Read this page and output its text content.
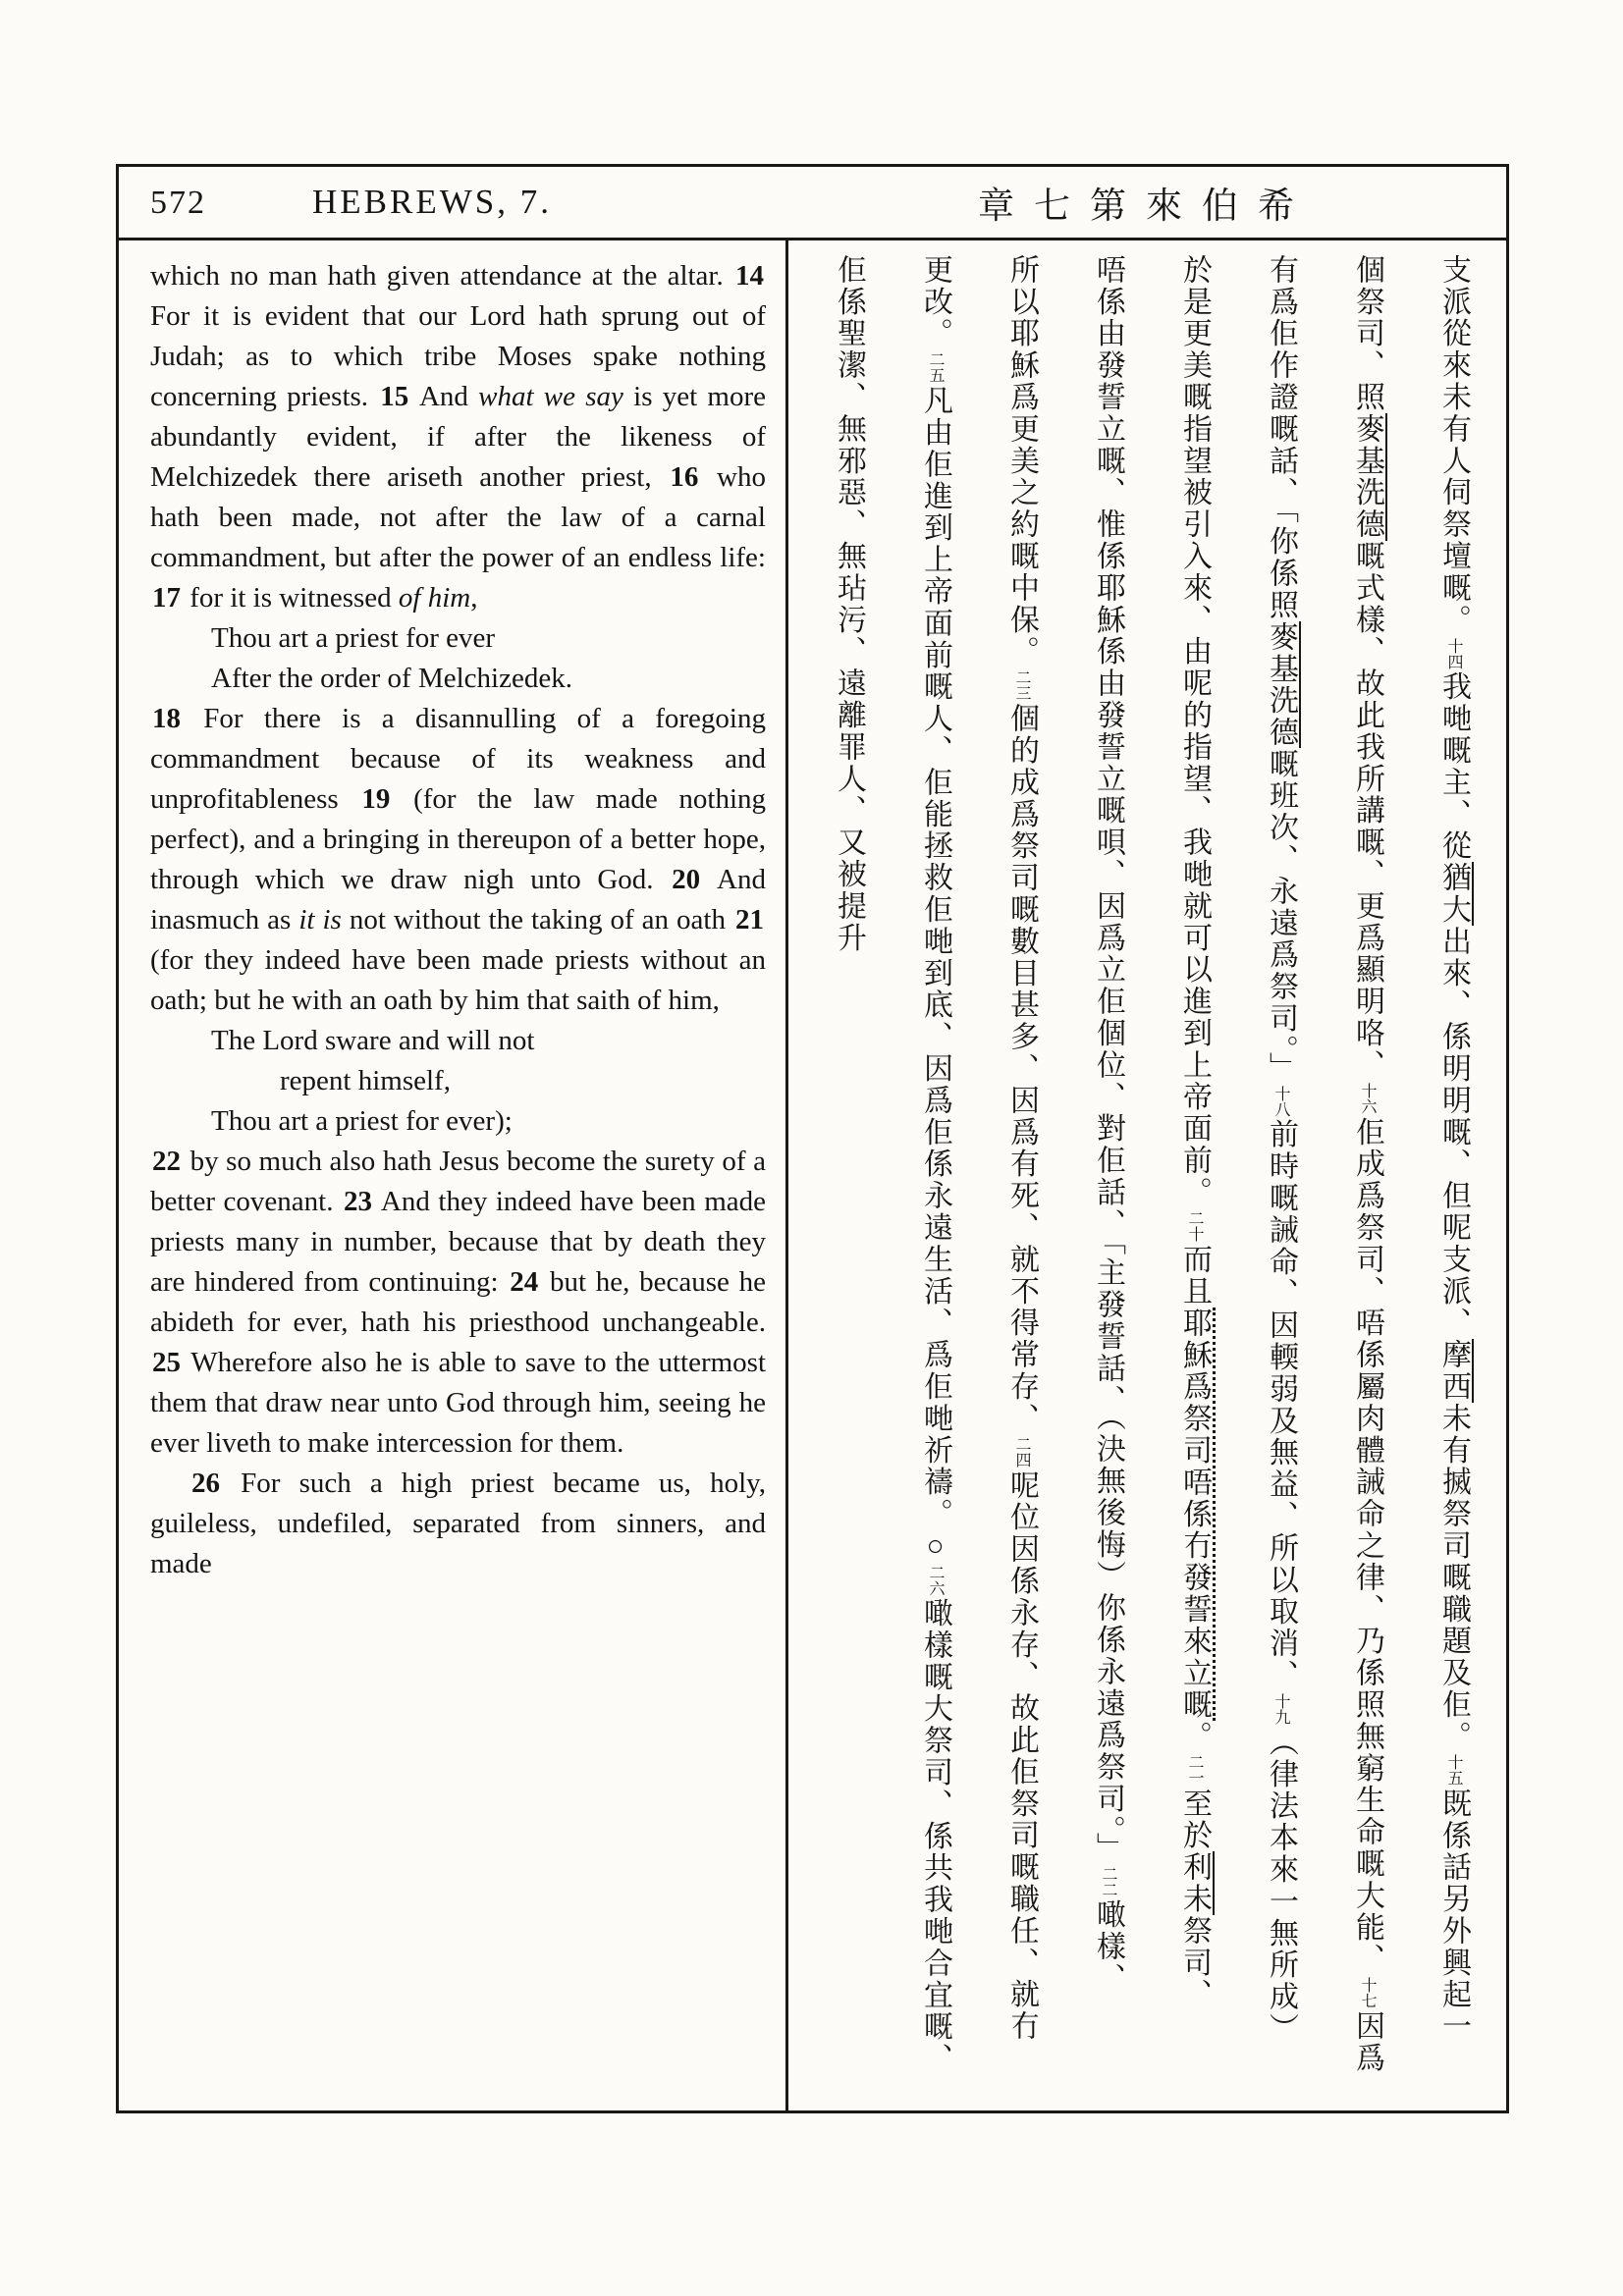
572	HEBREWS, 7.	章七第來伯希
which no man hath given attendance at the altar. 14 For it is evident that our Lord hath sprung out of Judah; as to which tribe Moses spake nothing concerning priests. 15 And what we say is yet more abundantly evident, if after the likeness of Melchizedek there ariseth another priest, 16 who hath been made, not after the law of a carnal commandment, but after the power of an endless life: 17 for it is witnessed of him,
Thou art a priest for ever
After the order of Melchizedek.
18 For there is a disannulling of a foregoing commandment because of its weakness and unprofitableness 19 (for the law made nothing perfect), and a bringing in thereupon of a better hope, through which we draw nigh unto God. 20 And inasmuch as it is not without the taking of an oath 21 (for they indeed have been made priests without an oath; but he with an oath by him that saith of him,
The Lord sware and will not
repent himself,
Thou art a priest for ever);
22 by so much also hath Jesus become the surety of a better covenant. 23 And they indeed have been made priests many in number, because that by death they are hindered from continuing: 24 but he, because he abideth for ever, hath his priesthood unchangeable. 25 Wherefore also he is able to save to the uttermost them that draw near unto God through him, seeing he ever liveth to make intercession for them.
26 For such a high priest became us, holy, guileless, undefiled, separated from sinners, and made
支派從來未有人伺祭壇嘅。十四我哋嘅主、從猶大出來、係明明嘅、但呢支派、摩西未有搣祭司嘅職題及佢。十五既係話另外興起一
個祭司、照麥基洗德嘅式樣、故此我所講嘅、更爲顯明咯、十六佢成爲祭司、唔係屬肉體誡命之律、乃係照無窮生命嘅大能、十七因爲
有爲佢作證嘅話、「你係照麥基洗德嘅班次、永遠爲祭司。」十八前時嘅誡命、因輭弱及無益、所以取消、十九（律法本來一無所成）
於是更美嘅指望被引入來、由呢的指望、我哋就可以進到上帝面前。二十而且耶穌爲祭司唔係冇發誓來立嘅。二一至於利未祭司、
唔係由發誓立嘅、惟係耶穌係由發誓立嘅唄、因爲立佢個位、對佢話、「主發誓話、（決無後悔）你係永遠爲祭司。」二二噉樣、
所以耶穌爲更美之約嘅中保。二三個的成爲祭司嘅數目甚多、因爲有死、就不得常存、二四呢位因係永存、故此佢祭司嘅職任、就冇
更改。二五凡由佢進到上帝面前嘅人、佢能拯救佢哋到底、因爲佢係永遠生活、爲佢哋祈禱。○二六噉樣嘅大祭司、係共我哋合宜嘅、
佢係聖潔、無邪惡、無玷污、遠離罪人、又被提升
